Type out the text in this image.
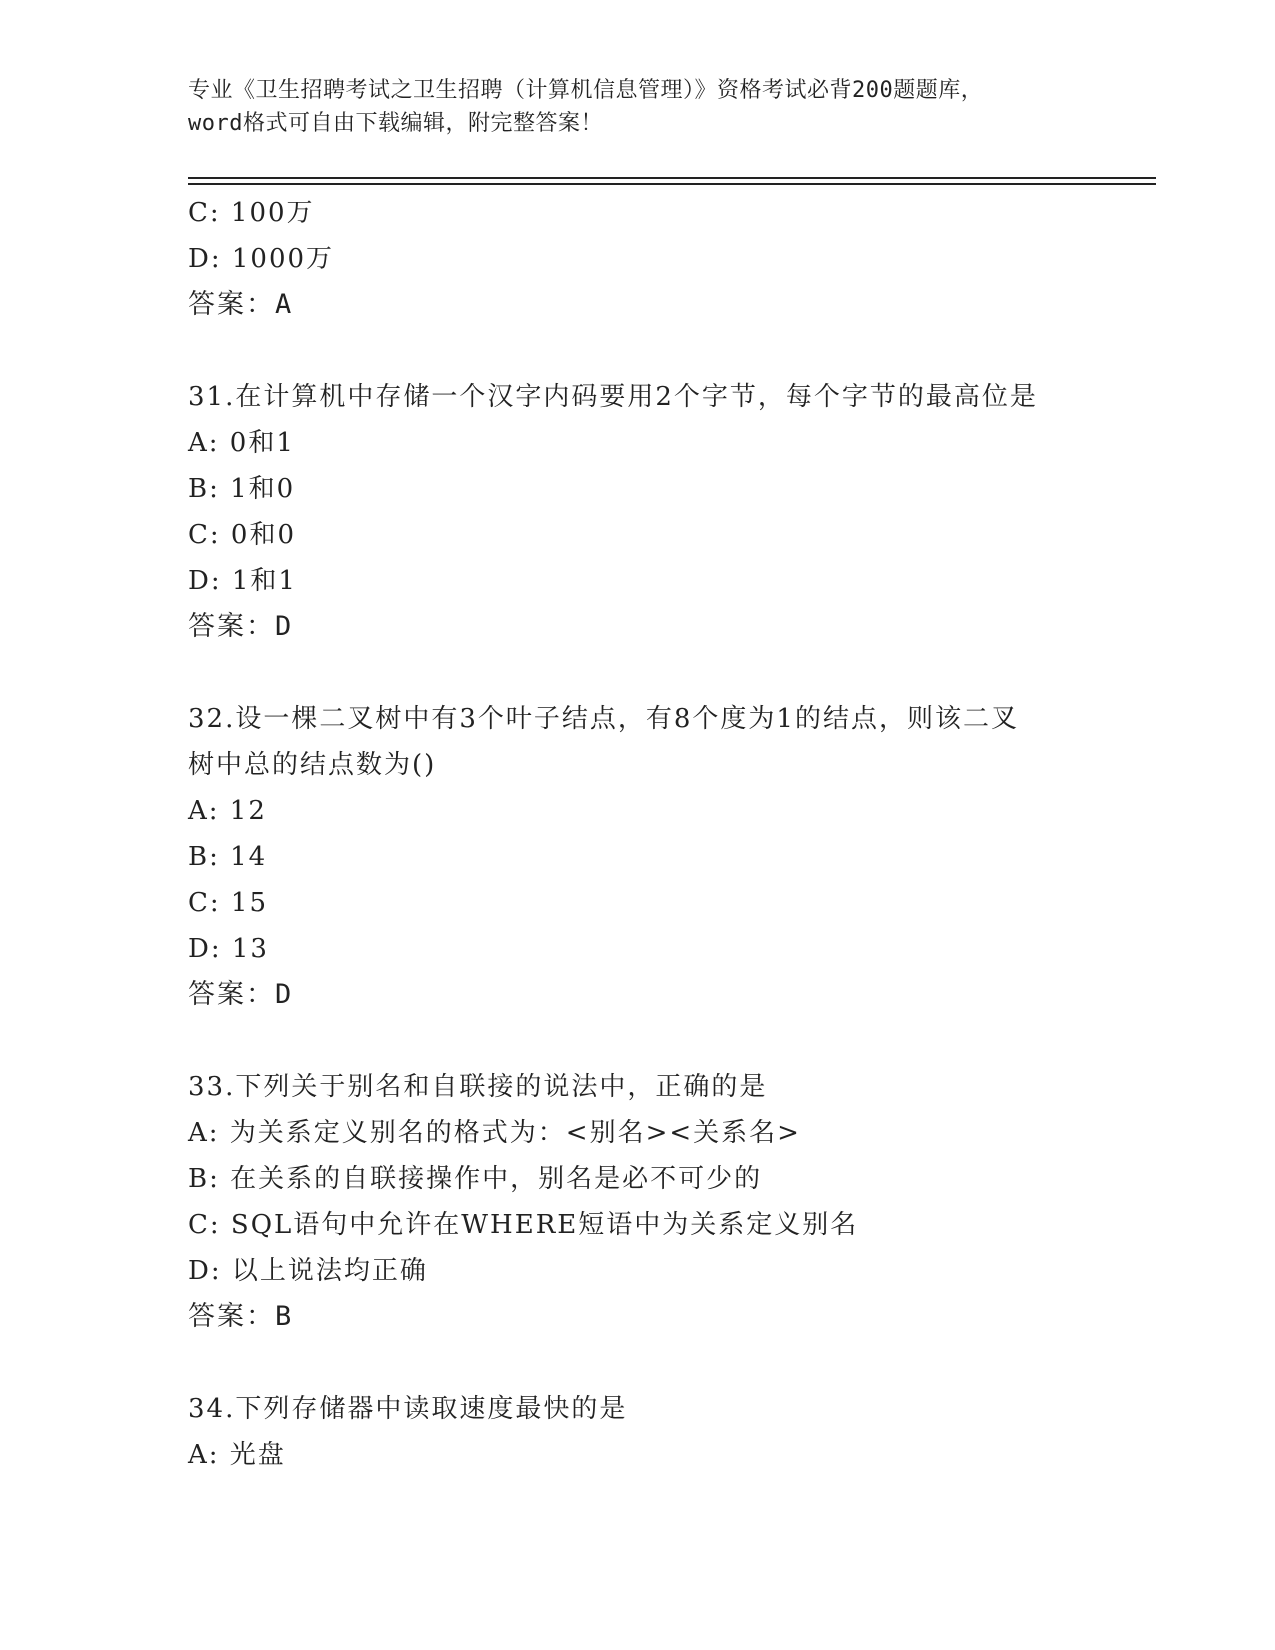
专业《卫生招聘考试之卫生招聘（计算机信息管理）》资格考试必背200题题库，
word格式可自由下载编辑，附完整答案！
C: 100万
D: 1000万
答案：A
31.在计算机中存储一个汉字内码要用2个字节，每个字节的最高位是
A: 0和1
B: 1和0
C: 0和0
D: 1和1
答案：D
32.设一棵二叉树中有3个叶子结点，有8个度为1的结点，则该二叉
树中总的结点数为()
A: 12
B: 14
C: 15
D: 13
答案：D
33.下列关于别名和自联接的说法中，正确的是
A: 为关系定义别名的格式为：<别名><关系名>
B: 在关系的自联接操作中，别名是必不可少的
C: SQL语句中允许在WHERE短语中为关系定义别名
D: 以上说法均正确
答案：B
34.下列存储器中读取速度最快的是
A: 光盘
